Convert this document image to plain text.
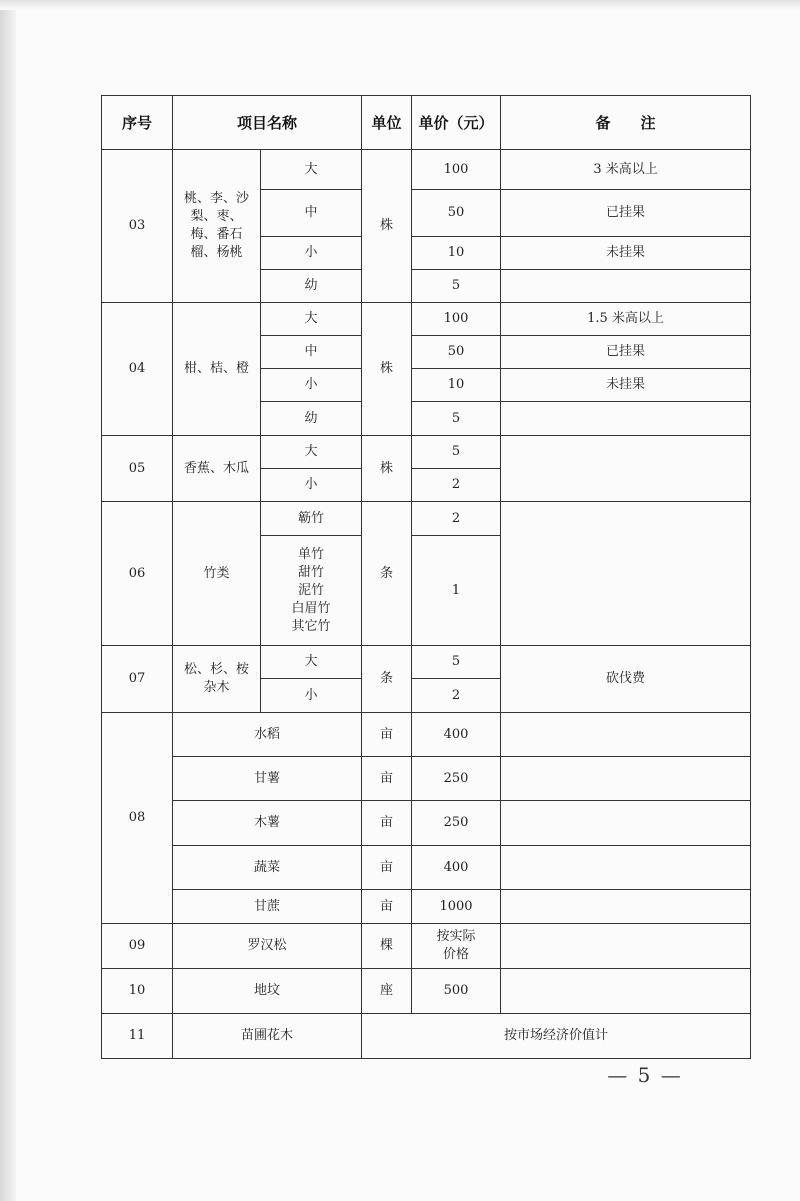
序号	项目名称		单位	单价（元）	备　　注
03	桃、李、沙梨、枣、梅、番石榴、杨桃	大	株	100	3 米高以上
		中		50	已挂果
		小		10	未挂果
		幼		5	
04	柑、桔、橙	大	株	100	1.5 米高以上
		中		50	已挂果
		小		10	未挂果
		幼		5	
05	香蕉、木瓜	大	株	5	
		小		2	
06	竹类	簕竹	条	2	
		单竹
甜竹
泥竹
白眉竹
其它竹		1	
07	松、杉、桉杂木	大	条	5	砍伐费
		小		2	
08	水稻		亩	400	
	甘薯		亩	250	
	木薯		亩	250	
	蔬菜		亩	400	
	甘蔗		亩	1000	
09	罗汉松		棵	按实际
价格	
10	地坟		座	500	
11	苗圃花木		按市场经济价值计		
— 5 —
